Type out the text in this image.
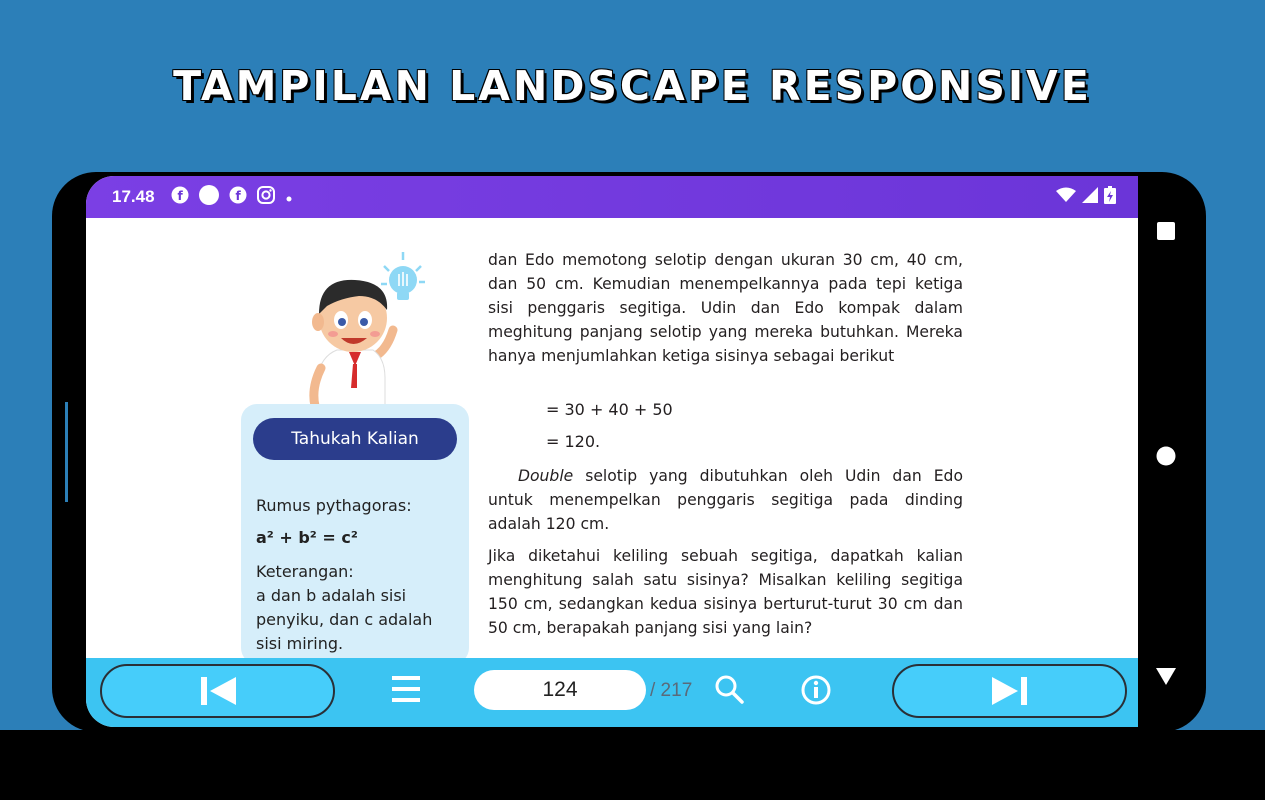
TAMPILAN LANDSCAPE RESPONSIVE
17.48 f	f
Tahukah Kalian
Rumus pythagoras:
a² + b² = c²
Keterangan:
a dan b adalah sisi
penyiku, dan c adalah
sisi miring.
dan Edo memotong selotip dengan ukuran 30 cm, 40 cm, dan 50 cm. Kemudian menempelkannya pada tepi ketiga sisi penggaris segitiga. Udin dan Edo kompak dalam meghitung panjang selotip yang mereka butuhkan. Mereka hanya menjumlahkan ketiga sisinya sebagai berikut
= 30 + 40 + 50
= 120.
Double selotip yang dibutuhkan oleh Udin dan Edo untuk menempelkan penggaris segitiga pada dinding adalah 120 cm.
Jika diketahui keliling sebuah segitiga, dapatkah kalian menghitung salah satu sisinya? Misalkan keliling segitiga 150 cm, sedangkan kedua sisinya berturut-turut 30 cm dan 50 cm, berapakah panjang sisi yang lain?
124
/ 217
